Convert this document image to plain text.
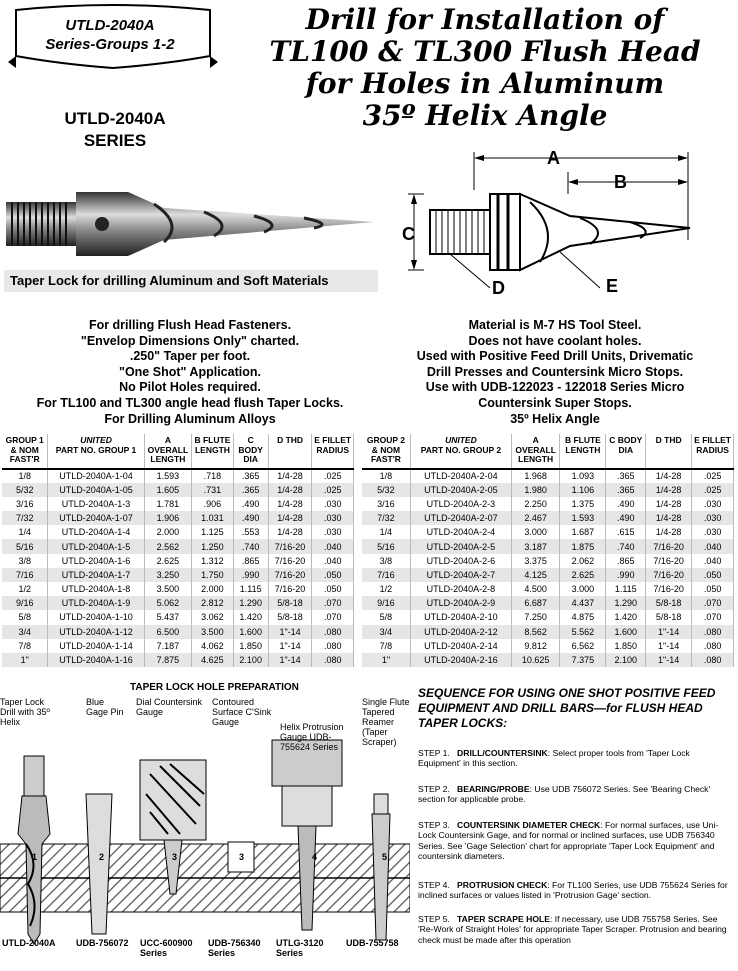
UTLD-2040A
Series-Groups 1-2
UTLD-2040A
SERIES
Drill for Installation of
TL100 & TL300 Flush Head
for Holes in Aluminum
35º Helix Angle
Taper Lock for drilling Aluminum and Soft Materials
A
B
C
D	E
For drilling Flush Head Fasteners.
"Envelop Dimensions Only" charted.
.250" Taper per foot.
"One Shot" Application.
No Pilot Holes required.
For TL100 and TL300 angle head flush Taper Locks.
For Drilling Aluminum Alloys
Material is M-7 HS Tool Steel.
Does not have coolant holes.
Used with Positive Feed Drill Units, Drivematic
Drill Presses and Countersink Micro Stops.
Use with UDB-122023 - 122018 Series Micro
Countersink Super Stops.
35º Helix Angle
GROUP 1 & NOM FAST'R	UNITED
PART NO. GROUP 1	A OVERALL LENGTH	B FLUTE LENGTH	C BODY DIA	D THD	E FILLET RADIUS
1/8	UTLD-2040A-1-04	1.593	.718	.365	1/4-28	.025
5/32	UTLD-2040A-1-05	1.605	.731	.365	1/4-28	.025
3/16	UTLD-2040A-1-3	1.781	.906	.490	1/4-28	.030
7/32	UTLD-2040A-1-07	1.906	1.031	.490	1/4-28	.030
1/4	UTLD-2040A-1-4	2.000	1.125	.553	1/4-28	.030
5/16	UTLD-2040A-1-5	2.562	1.250	.740	7/16-20	.040
3/8	UTLD-2040A-1-6	2.625	1.312	.865	7/16-20	.040
7/16	UTLD-2040A-1-7	3.250	1.750	.990	7/16-20	.050
1/2	UTLD-2040A-1-8	3.500	2.000	1.115	7/16-20	.050
9/16	UTLD-2040A-1-9	5.062	2.812	1.290	5/8-18	.070
5/8	UTLD-2040A-1-10	5.437	3.062	1.420	5/8-18	.070
3/4	UTLD-2040A-1-12	6.500	3.500	1.600	1"-14	.080
7/8	UTLD-2040A-1-14	7.187	4.062	1.850	1"-14	.080
1"	UTLD-2040A-1-16	7.875	4.625	2.100	1"-14	.080
GROUP 2 & NOM FAST'R	UNITED
PART NO. GROUP 2	A OVERALL LENGTH	B FLUTE LENGTH	C BODY DIA	D THD	E FILLET RADIUS
1/8	UTLD-2040A-2-04	1.968	1.093	.365	1/4-28	.025
5/32	UTLD-2040A-2-05	1.980	1.106	.365	1/4-28	.025
3/16	UTLD-2040A-2-3	2.250	1.375	.490	1/4-28	.030
7/32	UTLD-2040A-2-07	2.467	1.593	.490	1/4-28	.030
1/4	UTLD-2040A-2-4	3.000	1.687	.615	1/4-28	.030
5/16	UTLD-2040A-2-5	3.187	1.875	.740	7/16-20	.040
3/8	UTLD-2040A-2-6	3.375	2.062	.865	7/16-20	.040
7/16	UTLD-2040A-2-7	4.125	2.625	.990	7/16-20	.050
1/2	UTLD-2040A-2-8	4.500	3.000	1.115	7/16-20	.050
9/16	UTLD-2040A-2-9	6.687	4.437	1.290	5/8-18	.070
5/8	UTLD-2040A-2-10	7.250	4.875	1.420	5/8-18	.070
3/4	UTLD-2040A-2-12	8.562	5.562	1.600	1"-14	.080
7/8	UTLD-2040A-2-14	9.812	6.562	1.850	1"-14	.080
1"	UTLD-2040A-2-16	10.625	7.375	2.100	1"-14	.080
TAPER LOCK HOLE PREPARATION
Taper Lock Drill with 35º Helix
Blue Gage Pin
Dial Countersink Gauge
Contoured Surface C'Sink Gauge	Helix Protrusion Gauge UDB-755624 Series
Single Flute Tapered Reamer (Taper Scraper)
1	2	3	3	4	5
UTLD-2040A UDB-756072 UCC-600900 Series
UDB-756340 Series
UTLG-3120 Series
UDB-755758
SEQUENCE FOR USING ONE SHOT POSITIVE FEED EQUIPMENT AND DRILL BARS—for FLUSH HEAD TAPER LOCKS:
STEP 1. DRILL/COUNTERSINK: Select proper tools from 'Taper Lock Equipment' in this section.
STEP 2. BEARING/PROBE: Use UDB 756072 Series. See 'Bearing Check' section for applicable probe.
STEP 3. COUNTERSINK DIAMETER CHECK: For normal surfaces, use Uni-Lock Countersink Gage, and for normal or inclined surfaces, use UDB 756340 Series. See 'Gage Selection' chart for appropriate 'Taper Lock Equipment' and countersink diameters.
STEP 4. PROTRUSION CHECK: For TL100 Series, use UDB 755624 Series for inclined surfaces or values listed in 'Protrusion Gage' section.
STEP 5. TAPER SCRAPE HOLE: If necessary, use UDB 755758 Series. See 'Re-Work of Straight Holes' for appropriate Taper Scraper. Protrusion and bearing check must be made after this operation
